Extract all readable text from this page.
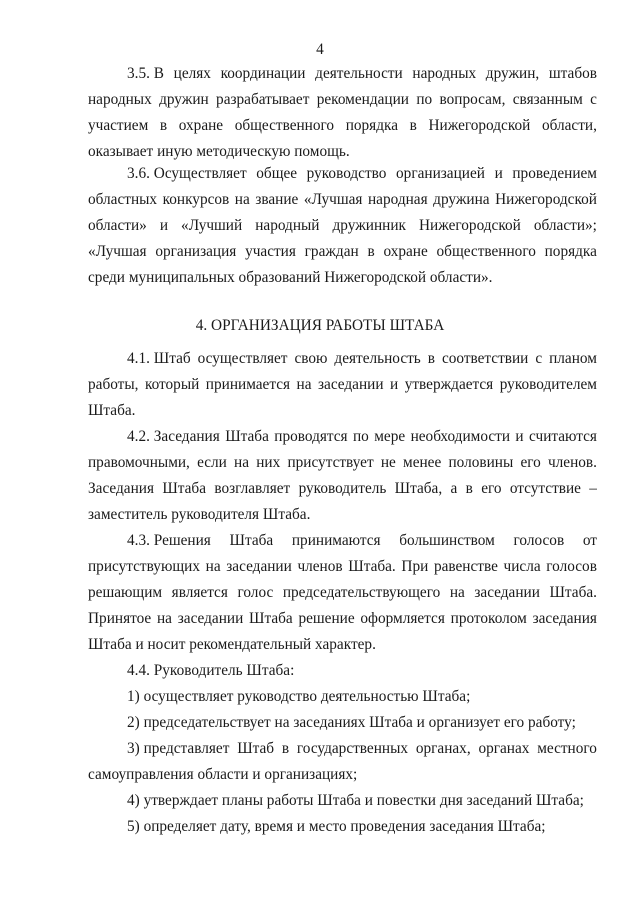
4
3.5. В целях координации деятельности народных дружин, штабов
народных дружин разрабатывает рекомендации по вопросам, связанным с
участием в охране общественного порядка в Нижегородской области,
оказывает иную методическую помощь.
3.6. Осуществляет общее руководство организацией и проведением
областных конкурсов на звание «Лучшая народная дружина Нижегородской
области» и «Лучший народный дружинник Нижегородской области»;
«Лучшая организация участия граждан в охране общественного порядка
среди муниципальных образований Нижегородской области».
4. ОРГАНИЗАЦИЯ РАБОТЫ ШТАБА
4.1. Штаб осуществляет свою деятельность в соответствии с планом
работы, который принимается на заседании и утверждается руководителем
Штаба.
4.2. Заседания Штаба проводятся по мере необходимости и считаются
правомочными, если на них присутствует не менее половины его членов.
Заседания Штаба возглавляет руководитель Штаба, а в его отсутствие –
заместитель руководителя Штаба.
4.3. Решения Штаба принимаются большинством голосов от
присутствующих на заседании членов Штаба. При равенстве числа голосов
решающим является голос председательствующего на заседании Штаба.
Принятое на заседании Штаба решение оформляется протоколом заседания
Штаба и носит рекомендательный характер.
4.4. Руководитель Штаба:
1) осуществляет руководство деятельностью Штаба;
2) председательствует на заседаниях Штаба и организует его работу;
3) представляет Штаб в государственных органах, органах местного
самоуправления области и организациях;
4) утверждает планы работы Штаба и повестки дня заседаний Штаба;
5) определяет дату, время и место проведения заседания Штаба;
